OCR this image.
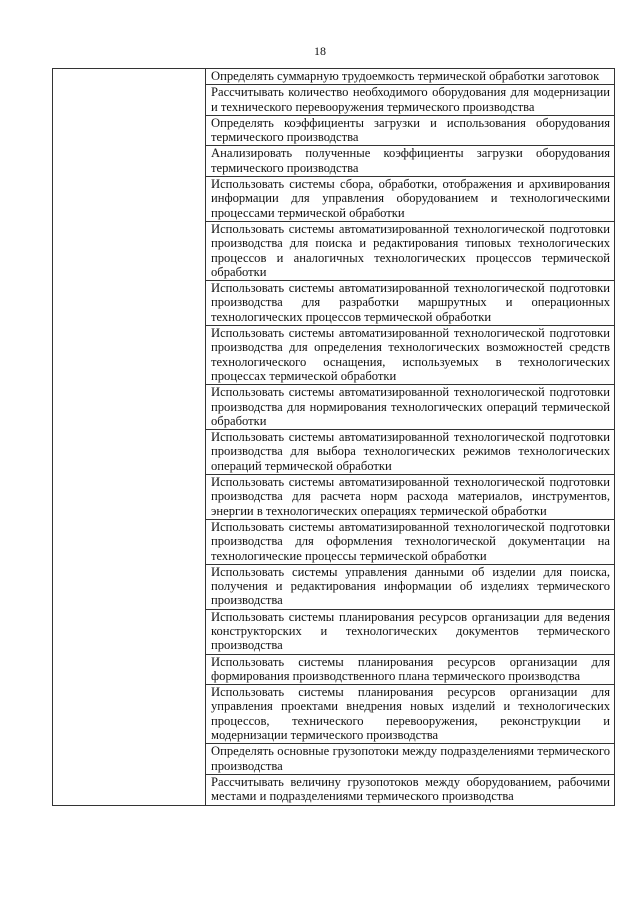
18

Определять суммарную трудоемкость термической обработки заготовок
Рассчитывать количество необходимого оборудования для модернизации и технического перевооружения термического производства
Определять коэффициенты загрузки и использования оборудования термического производства
Анализировать полученные коэффициенты загрузки оборудования термического производства
Использовать системы сбора, обработки, отображения и архивирования информации для управления оборудованием и технологическими процессами термической обработки
Использовать системы автоматизированной технологической подготовки производства для поиска и редактирования типовых технологических процессов и аналогичных технологических процессов термической обработки
Использовать системы автоматизированной технологической подготовки производства для разработки маршрутных и операционных технологических процессов термической обработки
Использовать системы автоматизированной технологической подготовки производства для определения технологических возможностей средств технологического оснащения, используемых в технологических процессах термической обработки
Использовать системы автоматизированной технологической подготовки производства для нормирования технологических операций термической обработки
Использовать системы автоматизированной технологической подготовки производства для выбора технологических режимов технологических операций термической обработки
Использовать системы автоматизированной технологической подготовки производства для расчета норм расхода материалов, инструментов, энергии в технологических операциях термической обработки
Использовать системы автоматизированной технологической подготовки производства для оформления технологической документации на технологические процессы термической обработки
Использовать системы управления данными об изделии для поиска, получения и редактирования информации об изделиях термического производства
Использовать системы планирования ресурсов организации для ведения конструкторских и технологических документов термического производства
Использовать системы планирования ресурсов организации для формирования производственного плана термического производства
Использовать системы планирования ресурсов организации для управления проектами внедрения новых изделий и технологических процессов, технического перевооружения, реконструкции и модернизации термического производства
Определять основные грузопотоки между подразделениями термического производства
Рассчитывать величину грузопотоков между оборудованием, рабочими местами и подразделениями термического производства
